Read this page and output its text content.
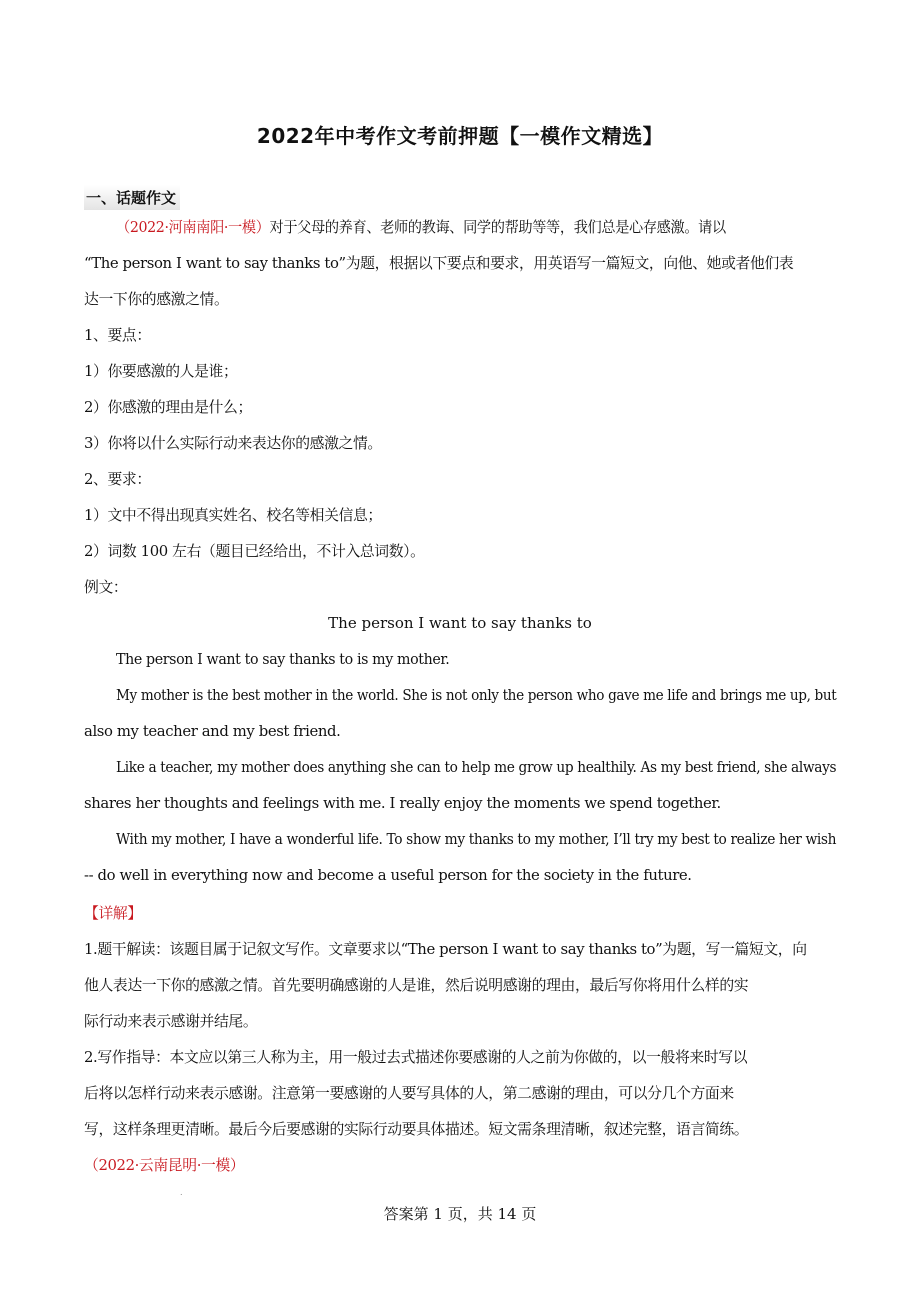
2022年中考作文考前押题【一模作文精选】
一、话题作文
（2022·河南南阳·一模）对于父母的养育、老师的教诲、同学的帮助等等，我们总是心存感激。请以
“The person I want to say thanks to”为题，根据以下要点和要求，用英语写一篇短文，向他、她或者他们表
达一下你的感激之情。
1、要点：
1）你要感激的人是谁；
2）你感激的理由是什么；
3）你将以什么实际行动来表达你的感激之情。
2、要求：
1）文中不得出现真实姓名、校名等相关信息；
2）词数 100 左右（题目已经给出，不计入总词数）。
例文：
The person I want to say thanks to
The person I want to say thanks to is my mother.
My mother is the best mother in the world. She is not only the person who gave me life and brings me up, but
also my teacher and my best friend.
Like a teacher, my mother does anything she can to help me grow up healthily. As my best friend, she always
shares her thoughts and feelings with me. I really enjoy the moments we spend together.
With my mother, I have a wonderful life. To show my thanks to my mother, I’ll try my best to realize her wish
-- do well in everything now and become a useful person for the society in the future.
【详解】
1.题干解读：该题目属于记叙文写作。文章要求以“The person I want to say thanks to”为题，写一篇短文，向
他人表达一下你的感激之情。首先要明确感谢的人是谁，然后说明感谢的理由，最后写你将用什么样的实
际行动来表示感谢并结尾。
2.写作指导：本文应以第三人称为主，用一般过去式描述你要感谢的人之前为你做的，以一般将来时写以
后将以怎样行动来表示感谢。注意第一要感谢的人要写具体的人，第二感谢的理由，可以分几个方面来
写，这样条理更清晰。最后今后要感谢的实际行动要具体描述。短文需条理清晰，叙述完整，语言简练。
（2022·云南昆明·一模）
.
答案第 1 页，共 14 页
